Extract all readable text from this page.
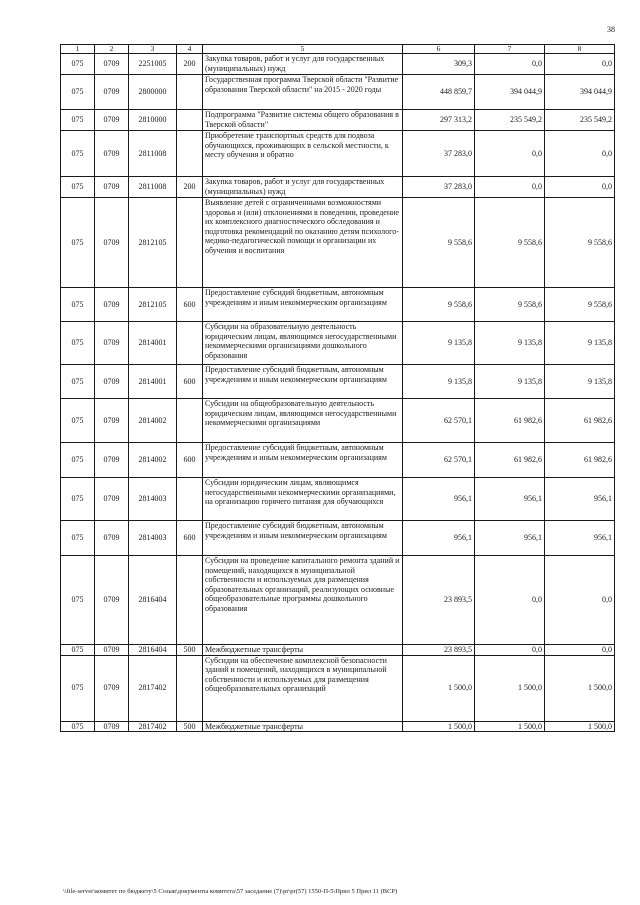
38
1	2	3	4	5	6	7	8
075	0709	2251005	200	Закупка товаров, работ и услуг для государственных (муниципальных) нужд	309,3	0,0	0,0
075	0709	2800000		Государственная программа Тверской области "Развитие образования Тверской области" на 2015 - 2020 годы	448 859,7	394 044,9	394 044,9
075	0709	2810000		Подпрограмма "Развитие системы общего образования в Тверской области"	297 313,2	235 549,2	235 549,2
075	0709	2811008		Приобретение транспортных средств для подвоза обучающихся, проживающих в сельской местности, к месту обучения и обратно	37 283,0	0,0	0,0
075	0709	2811008	200	Закупка товаров, работ и услуг для государственных (муниципальных) нужд	37 283,0	0,0	0,0
075	0709	2812105		Выявление детей с ограниченными возможностями здоровья и (или) отклонениями в поведении, проведение их комплексного диагностического обследования и подготовка рекомендаций по оказанию детям психолого-медико-педагогической помощи и организации их обучения и воспитания	9 558,6	9 558,6	9 558,6
075	0709	2812105	600	Предоставление субсидий бюджетным, автономным учреждениям и иным некоммерческим организациям	9 558,6	9 558,6	9 558,6
075	0709	2814001		Субсидии на образовательную деятельность юридическим лицам, являющимся негосударственными некоммерческими организациями дошкольного образования	9 135,8	9 135,8	9 135,8
075	0709	2814001	600	Предоставление субсидий бюджетным, автономным учреждениям и иным некоммерческим организациям	9 135,8	9 135,8	9 135,8
075	0709	2814002		Субсидии на общеобразовательную деятельность юридическим лицам, являющимся негосударственными некоммерческими организациями	62 570,1	61 982,6	61 982,6
075	0709	2814002	600	Предоставление субсидий бюджетным, автономным учреждениям и иным некоммерческим организациям	62 570,1	61 982,6	61 982,6
075	0709	2814003		Субсидии юридическим лицам, являющимся негосударственными некоммерческими организациями, на организацию горячего питания для обучающихся	956,1	956,1	956,1
075	0709	2814003	600	Предоставление субсидий бюджетным, автономным учреждениям и иным некоммерческим организациям	956,1	956,1	956,1
075	0709	2816404		Субсидии на проведение капитального ремонта зданий и помещений, находящихся в муниципальной собственности и используемых для размещения образовательных организаций, реализующих основные общеобразовательные программы дошкольного образования	23 893,5	0,0	0,0
075	0709	2816404	500	Межбюджетные трансферты	23 893,5	0,0	0,0
075	0709	2817402		Субсидии на обеспечение комплексной безопасности зданий и помещений, находящихся в муниципальной собственности и используемых для размещения общеобразовательных организаций	1 500,0	1 500,0	1 500,0
075	0709	2817402	500	Межбюджетные трансферты	1 500,0	1 500,0	1 500,0
\\file-server\комитет по бюджету\5 Созыв\документы комитета\57 заседание (7)\pr\pr(57) 1550-П-5\Прил 5 Прил 11 (ВСР)
